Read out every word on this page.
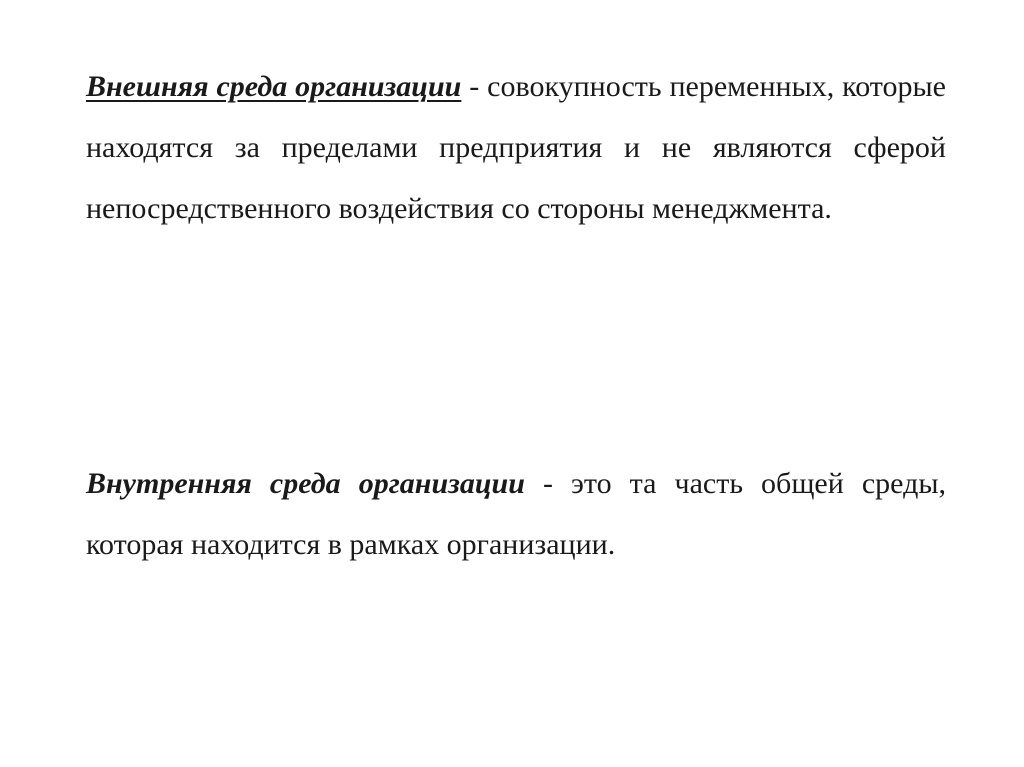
Внешняя среда организации - совокупность переменных, которые находятся за пределами предприятия и не являются сферой непосредственного воздействия со стороны менеджмента.

Внутренняя среда организации - это та часть общей среды, которая находится в рамках организации.
